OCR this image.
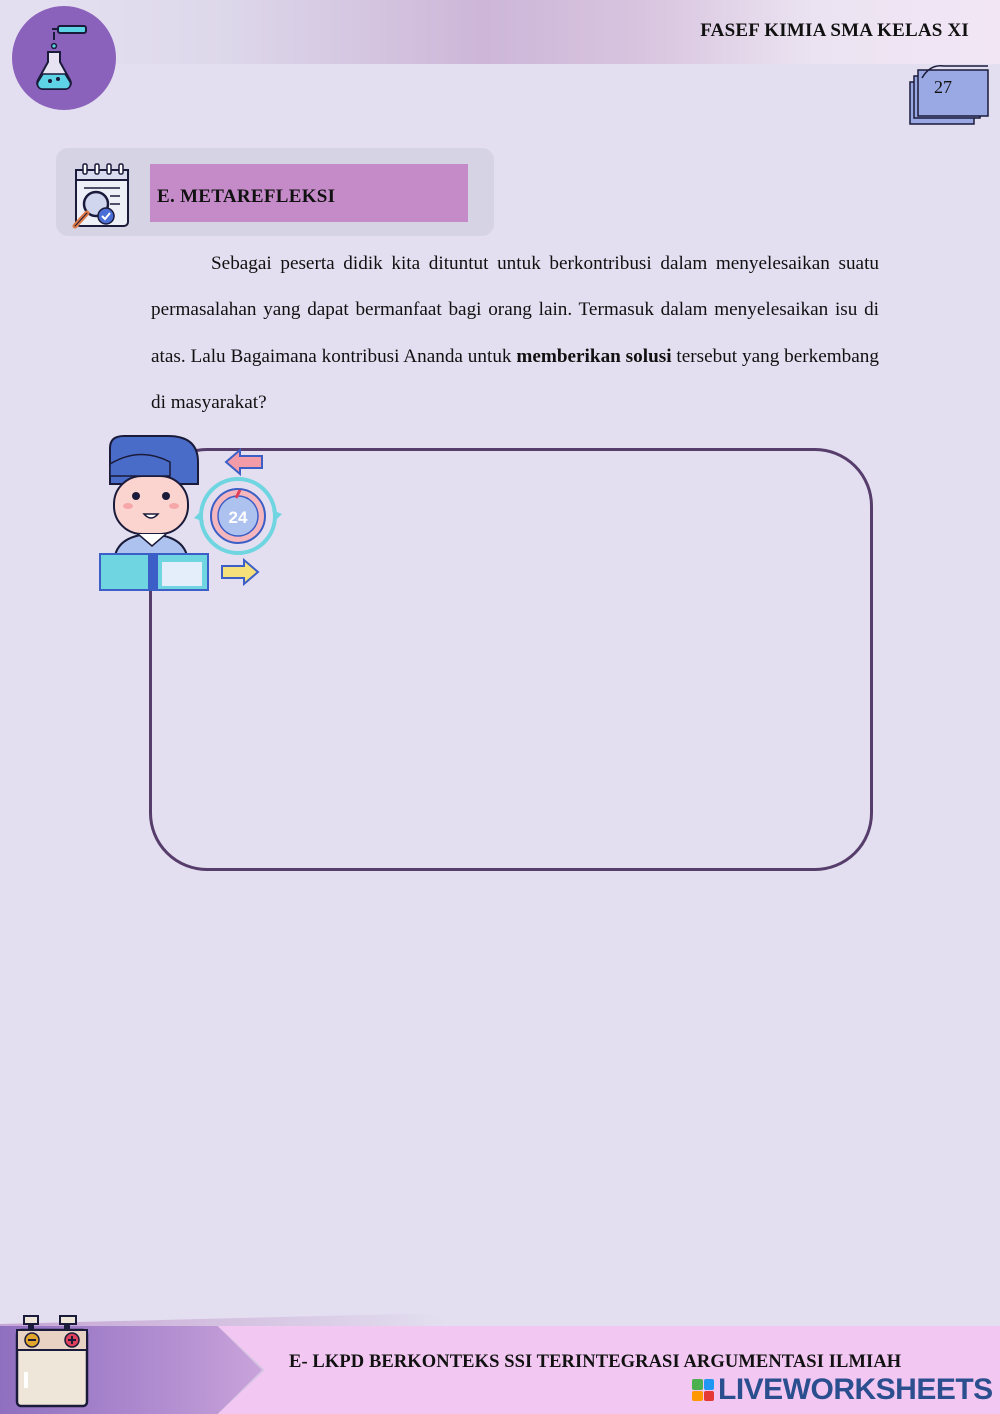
FASEF KIMIA SMA KELAS XI
27
E. METAREFLEKSI
Sebagai peserta didik kita dituntut untuk berkontribusi dalam menyelesaikan suatu permasalahan yang dapat bermanfaat bagi orang lain. Termasuk dalam menyelesaikan isu di atas. Lalu Bagaimana kontribusi Ananda untuk memberikan solusi tersebut yang berkembang di masyarakat?
24
E- LKPD BERKONTEKS SSI TERINTEGRASI ARGUMENTASI ILMIAH
LIVEWORKSHEETS
